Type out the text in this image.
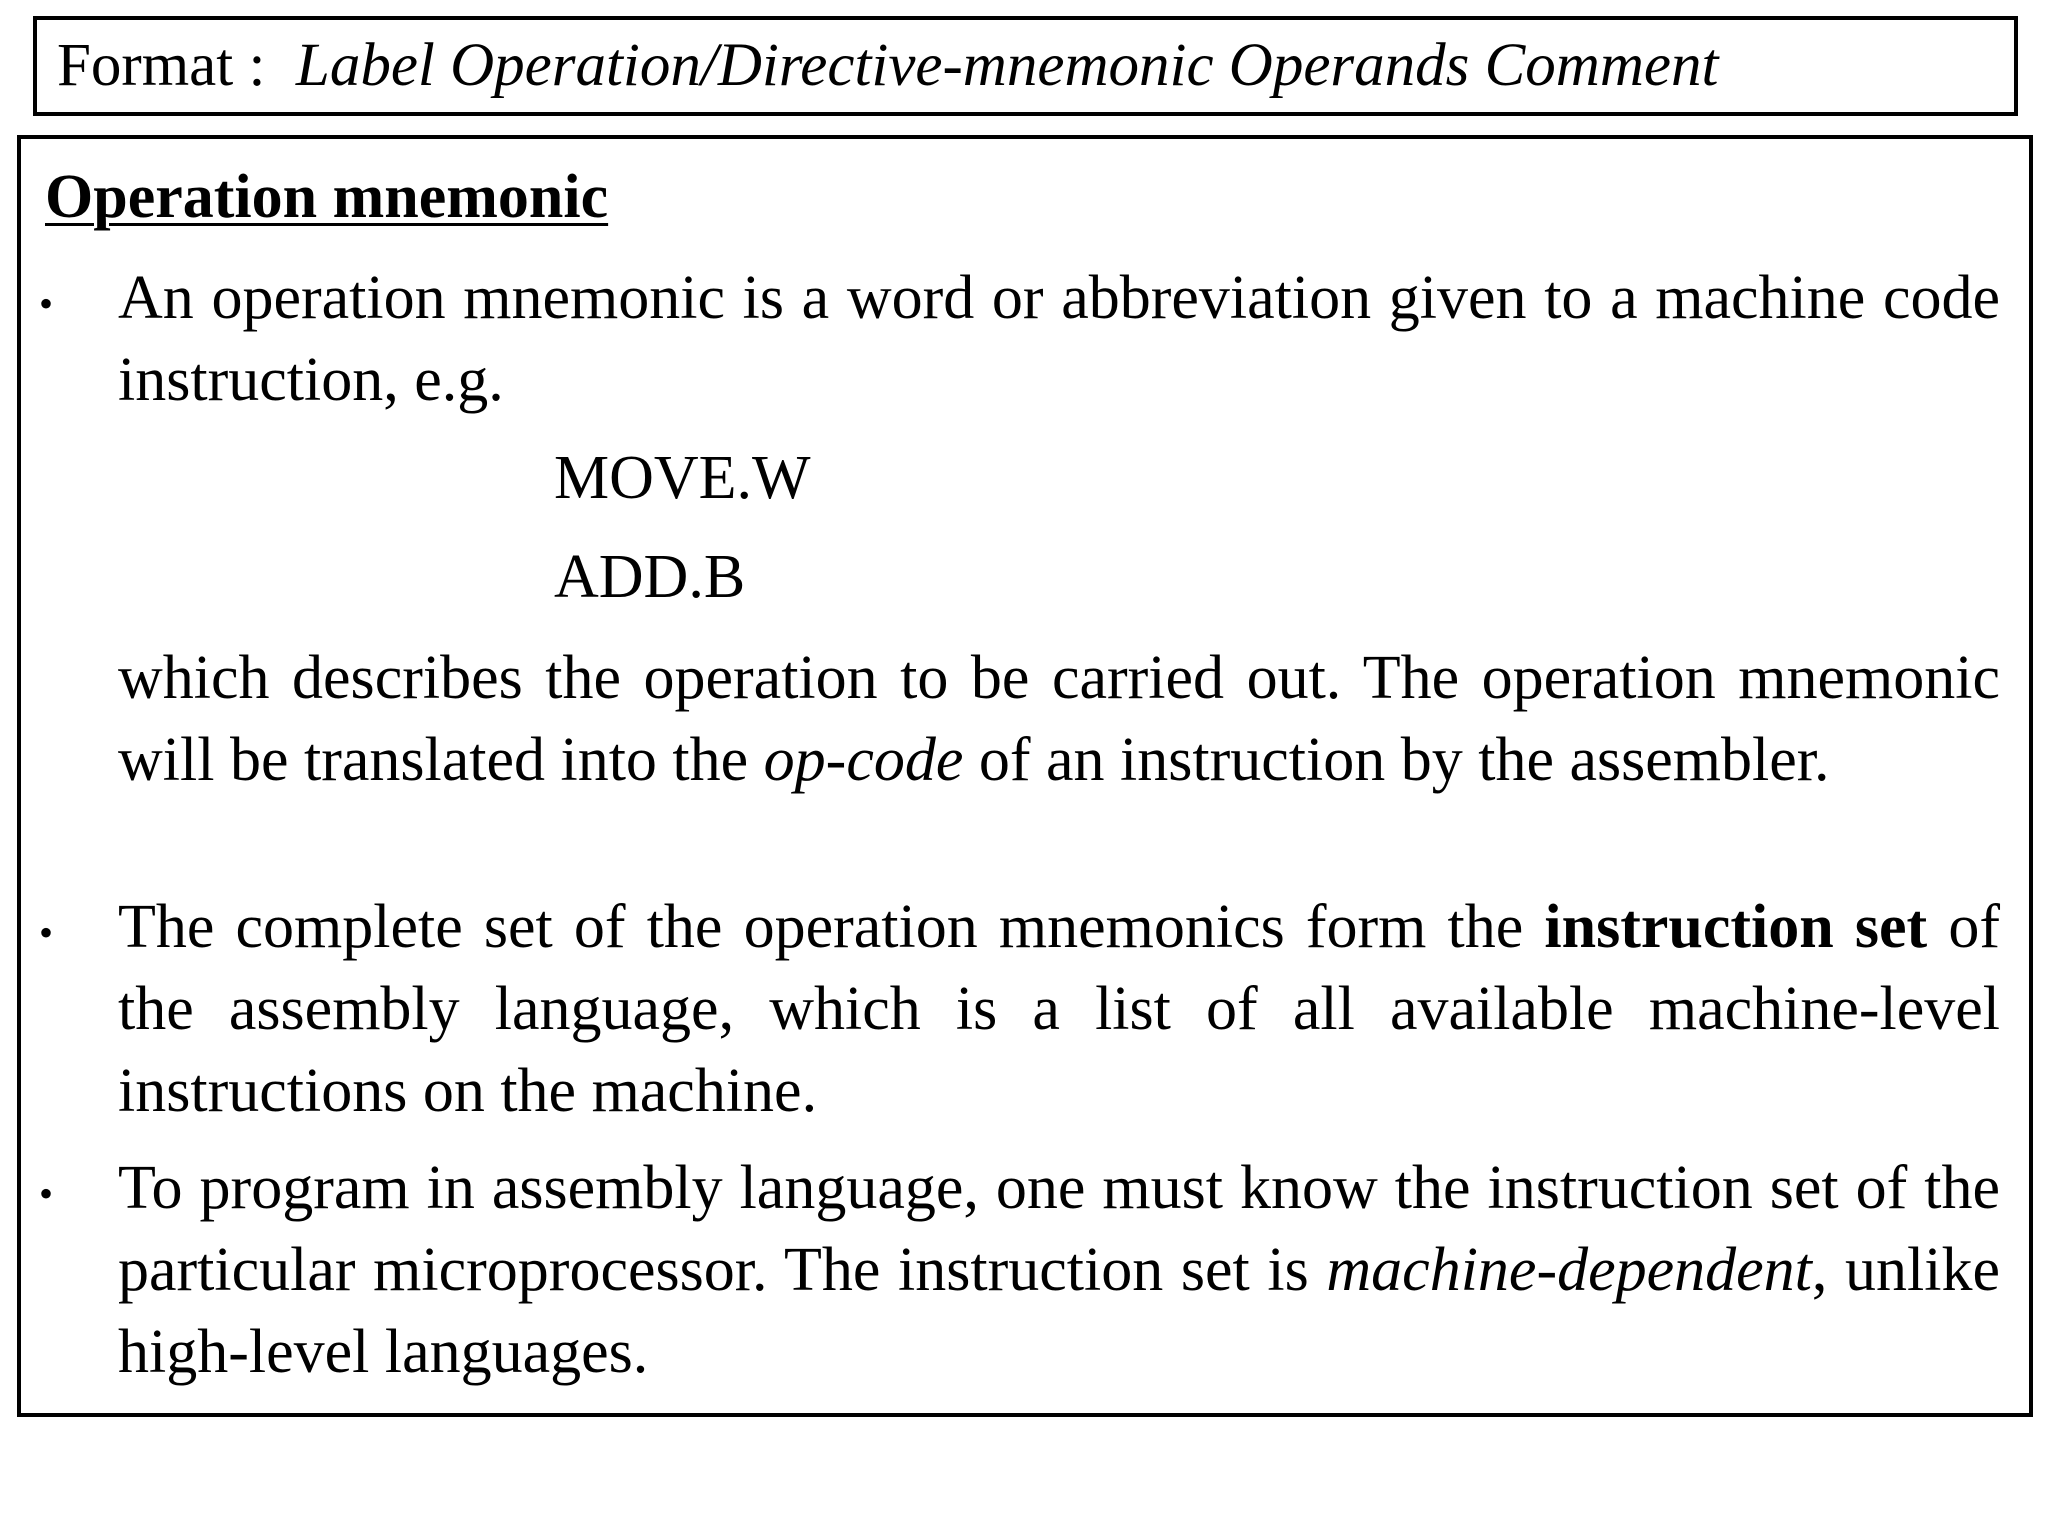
Format : Label Operation/Directive-mnemonic Operands Comment
Operation mnemonic
• An operation mnemonic is a word or abbreviation given to a machine code instruction, e.g.
MOVE.W
ADD.B
which describes the operation to be carried out. The operation mnemonic will be translated into the op-code of an instruction by the assembler.
• The complete set of the operation mnemonics form the instruction set of the assembly language, which is a list of all available machine-level instructions on the machine.
• To program in assembly language, one must know the instruction set of the particular microprocessor. The instruction set is machine-dependent, unlike high-level languages.
